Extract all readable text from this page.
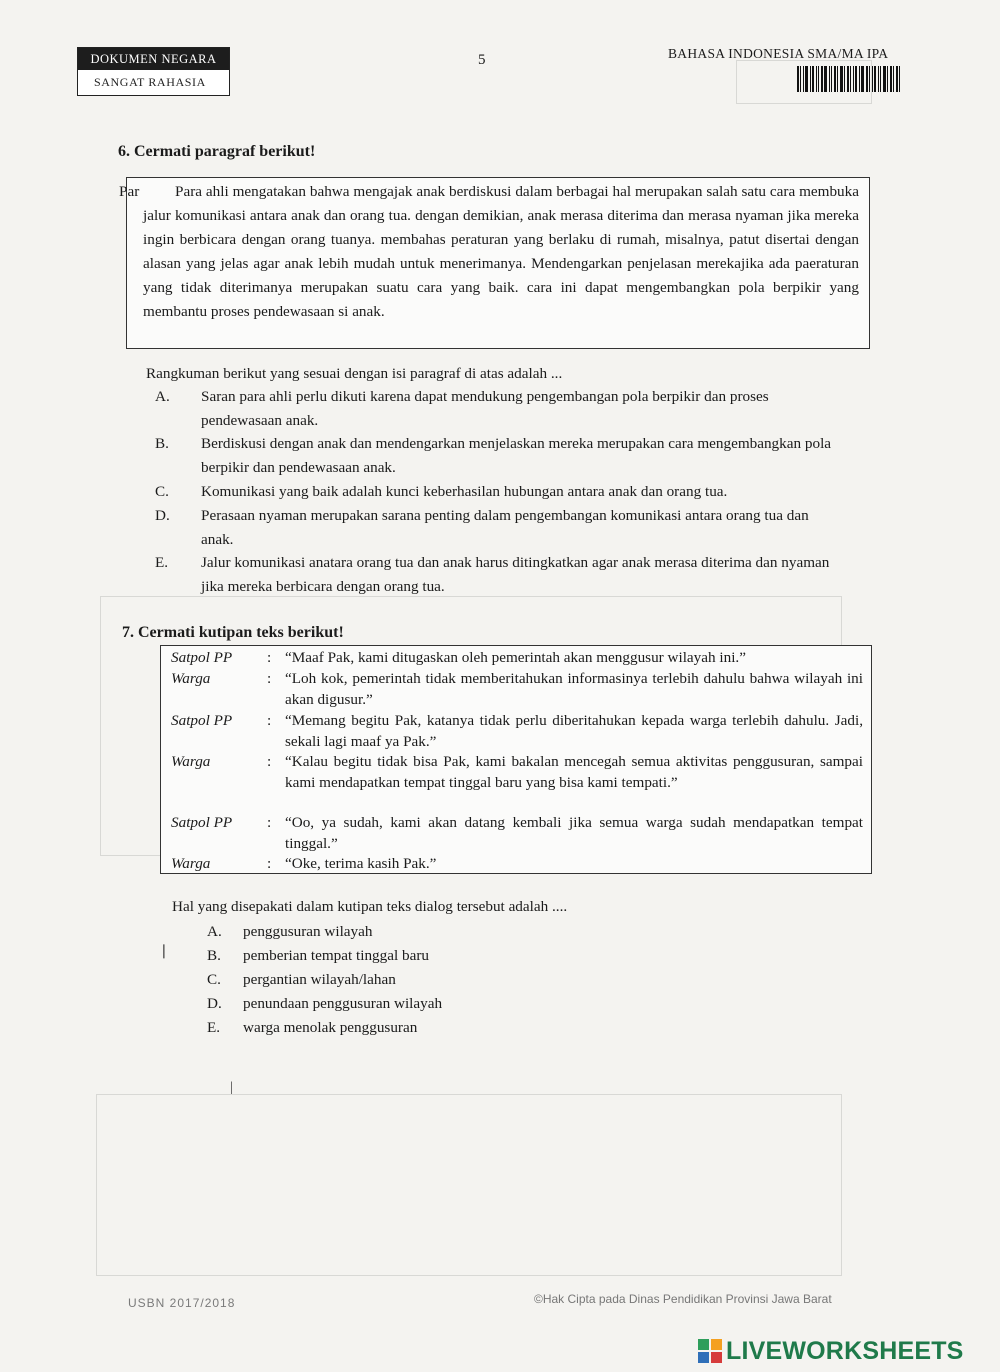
DOKUMEN NEGARA
SANGAT RAHASIA
5	BAHASA INDONESIA SMA/MA IPA
6. Cermati paragraf berikut!
Par	Para ahli mengatakan bahwa mengajak anak berdiskusi dalam berbagai hal merupakan salah satu cara membuka jalur komunikasi antara anak dan orang tua. dengan demikian, anak merasa diterima dan merasa nyaman jika mereka ingin berbicara dengan orang tuanya. membahas peraturan yang berlaku di rumah, misalnya, patut disertai dengan alasan yang jelas agar anak lebih mudah untuk menerimanya. Mendengarkan penjelasan merekajika ada paeraturan yang tidak diterimanya merupakan suatu cara yang baik. cara ini dapat mengembangkan pola berpikir yang membantu proses pendewasaan si anak.

Rangkuman berikut yang sesuai dengan isi paragraf di atas adalah ...
A. Saran para ahli perlu dikuti karena dapat mendukung pengembangan pola berpikir dan proses pendewasaan anak.
B. Berdiskusi dengan anak dan mendengarkan menjelaskan mereka merupakan cara mengembangkan pola berpikir dan pendewasaan anak.
C. Komunikasi yang baik adalah kunci keberhasilan hubungan antara anak dan orang tua.
D. Perasaan nyaman merupakan sarana penting dalam pengembangan komunikasi antara orang tua dan anak.
E. Jalur komunikasi anatara orang tua dan anak harus ditingkatkan agar anak merasa diterima dan nyaman jika mereka berbicara dengan orang tua.
7. Cermati kutipan teks berikut!
Satpol PP : “Maaf Pak, kami ditugaskan oleh pemerintah akan menggusur wilayah ini.”
Warga	: “Loh kok, pemerintah tidak memberitahukan informasinya terlebih dahulu bahwa wilayah ini akan digusur.”
Satpol PP : “Memang begitu Pak, katanya tidak perlu diberitahukan kepada warga terlebih dahulu. Jadi, sekali lagi maaf ya Pak.”
Warga	: “Kalau begitu tidak bisa Pak, kami bakalan mencegah semua aktivitas penggusuran, sampai kami mendapatkan tempat tinggal baru yang bisa kami tempati.”
Satpol PP : “Oo, ya sudah, kami akan datang kembali jika semua warga sudah mendapatkan tempat tinggal.”
Warga	: “Oke, terima kasih Pak.”
Hal yang disepakati dalam kutipan teks dialog tersebut adalah ....
A. penggusuran wilayah
B. pemberian tempat tinggal baru
C. pergantian wilayah/lahan
D. penundaan penggusuran wilayah
E. warga menolak penggusuran
❘
|
USBN 2017/2018	©Hak Cipta pada Dinas Pendidikan Provinsi Jawa Barat
LIVEWORKSHEETS
